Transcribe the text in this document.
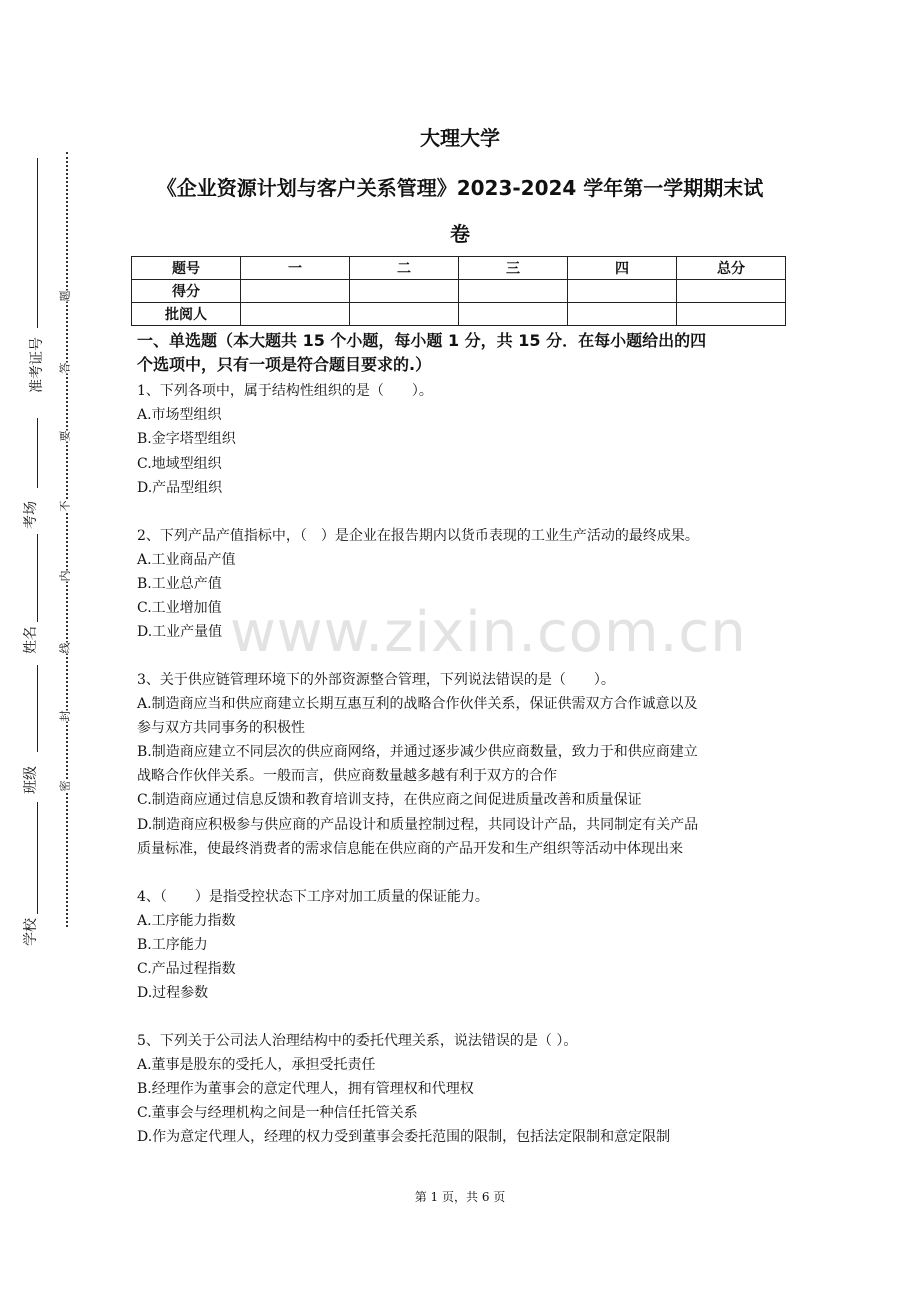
www.zixin.com.cn
准考证号
考场
姓名
班级
学校
题
答
要
不
内
线
封
密
大理大学
《企业资源计划与客户关系管理》2023-2024 学年第一学期期末试
卷
题号	一	二	三	四	总分
得分					
批阅人					
一、单选题（本大题共 15 个小题，每小题 1 分，共 15 分．在每小题给出的四
个选项中，只有一项是符合题目要求的.）
1、下列各项中，属于结构性组织的是（　　）。
A.市场型组织
B.金字塔型组织
C.地域型组织
D.产品型组织
2、下列产品产值指标中，（　）是企业在报告期内以货币表现的工业生产活动的最终成果。
A.工业商品产值
B.工业总产值
C.工业增加值
D.工业产量值
3、关于供应链管理环境下的外部资源整合管理，下列说法错误的是（　　）。
A.制造商应当和供应商建立长期互惠互利的战略合作伙伴关系，保证供需双方合作诚意以及
参与双方共同事务的积极性
B.制造商应建立不同层次的供应商网络，并通过逐步减少供应商数量，致力于和供应商建立
战略合作伙伴关系。一般而言，供应商数量越多越有利于双方的合作
C.制造商应通过信息反馈和教育培训支持，在供应商之间促进质量改善和质量保证
D.制造商应积极参与供应商的产品设计和质量控制过程，共同设计产品，共同制定有关产品
质量标准，使最终消费者的需求信息能在供应商的产品开发和生产组织等活动中体现出来
4、（　　）是指受控状态下工序对加工质量的保证能力。
A.工序能力指数
B.工序能力
C.产品过程指数
D.过程参数
5、下列关于公司法人治理结构中的委托代理关系，说法错误的是（ ）。
A.董事是股东的受托人，承担受托责任
B.经理作为董事会的意定代理人，拥有管理权和代理权
C.董事会与经理机构之间是一种信任托管关系
D.作为意定代理人，经理的权力受到董事会委托范围的限制，包括法定限制和意定限制
第 1 页，共 6 页
